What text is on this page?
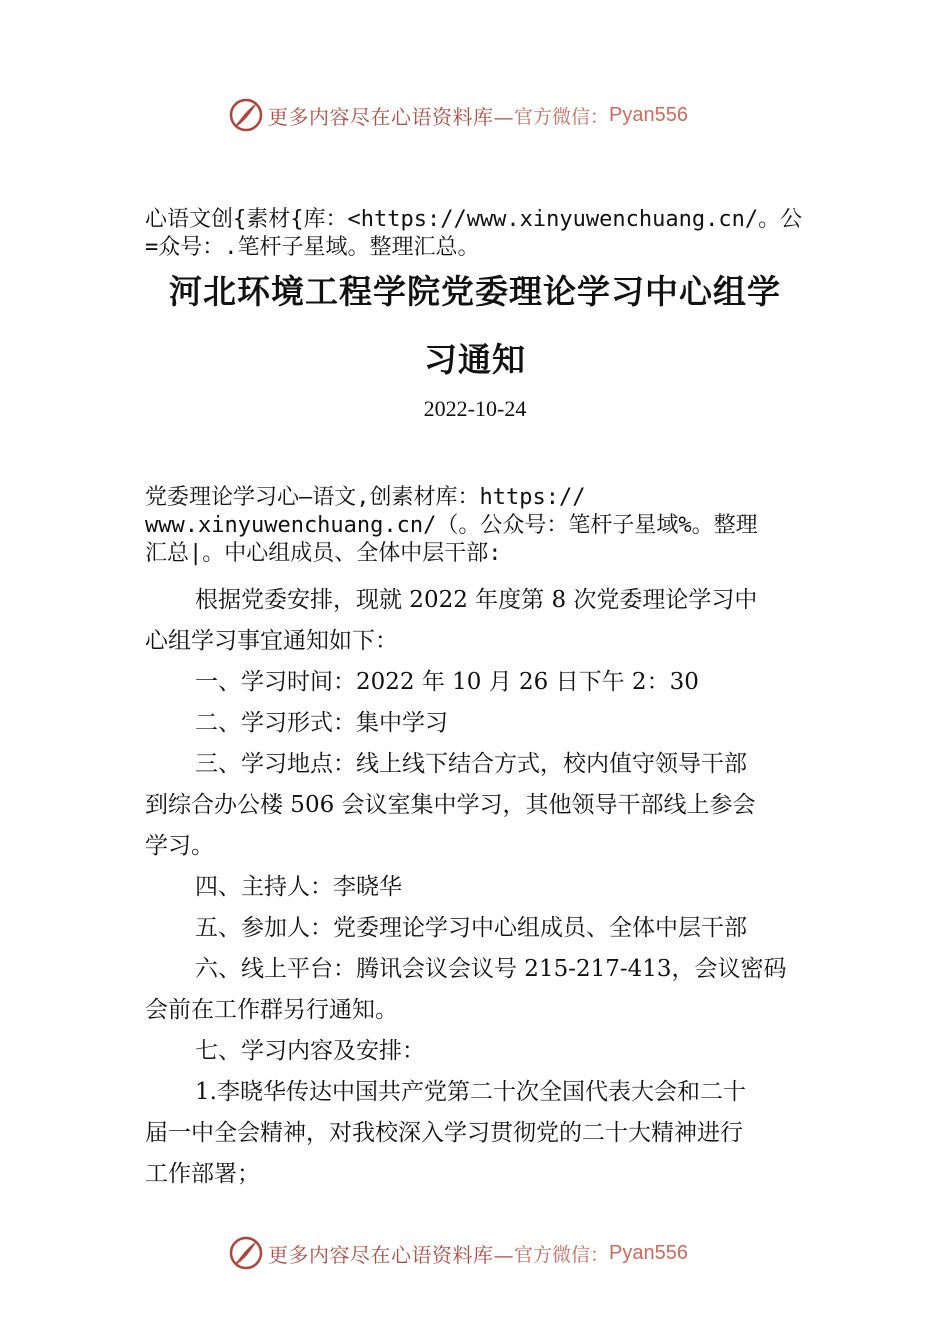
更多内容尽在心语资料库— 官方微信： Pyan556
心语文创{素材{库：<https://www.xinyuwenchuang.cn/。公
=众号：.笔杆子星域。整理汇总。
河北环境工程学院党委理论学习中心组学
习通知
2022-10-24
党委理论学习心—语文,创素材库：https://
www.xinyuwenchuang.cn/（。公众号：笔杆子星域%。整理
汇总|。中心组成员、全体中层干部:
根据党委安排，现就 2022 年度第 8 次党委理论学习中
心组学习事宜通知如下：
一、学习时间：2022 年 10 月 26 日下午 2：30
二、学习形式：集中学习
三、学习地点：线上线下结合方式，校内值守领导干部
到综合办公楼 506 会议室集中学习，其他领导干部线上参会
学习。
四、主持人：李晓华
五、参加人：党委理论学习中心组成员、全体中层干部
六、线上平台：腾讯会议会议号 215-217-413，会议密码
会前在工作群另行通知。
七、学习内容及安排：
1.李晓华传达中国共产党第二十次全国代表大会和二十
届一中全会精神，对我校深入学习贯彻党的二十大精神进行
工作部署；
更多内容尽在心语资料库— 官方微信： Pyan556
